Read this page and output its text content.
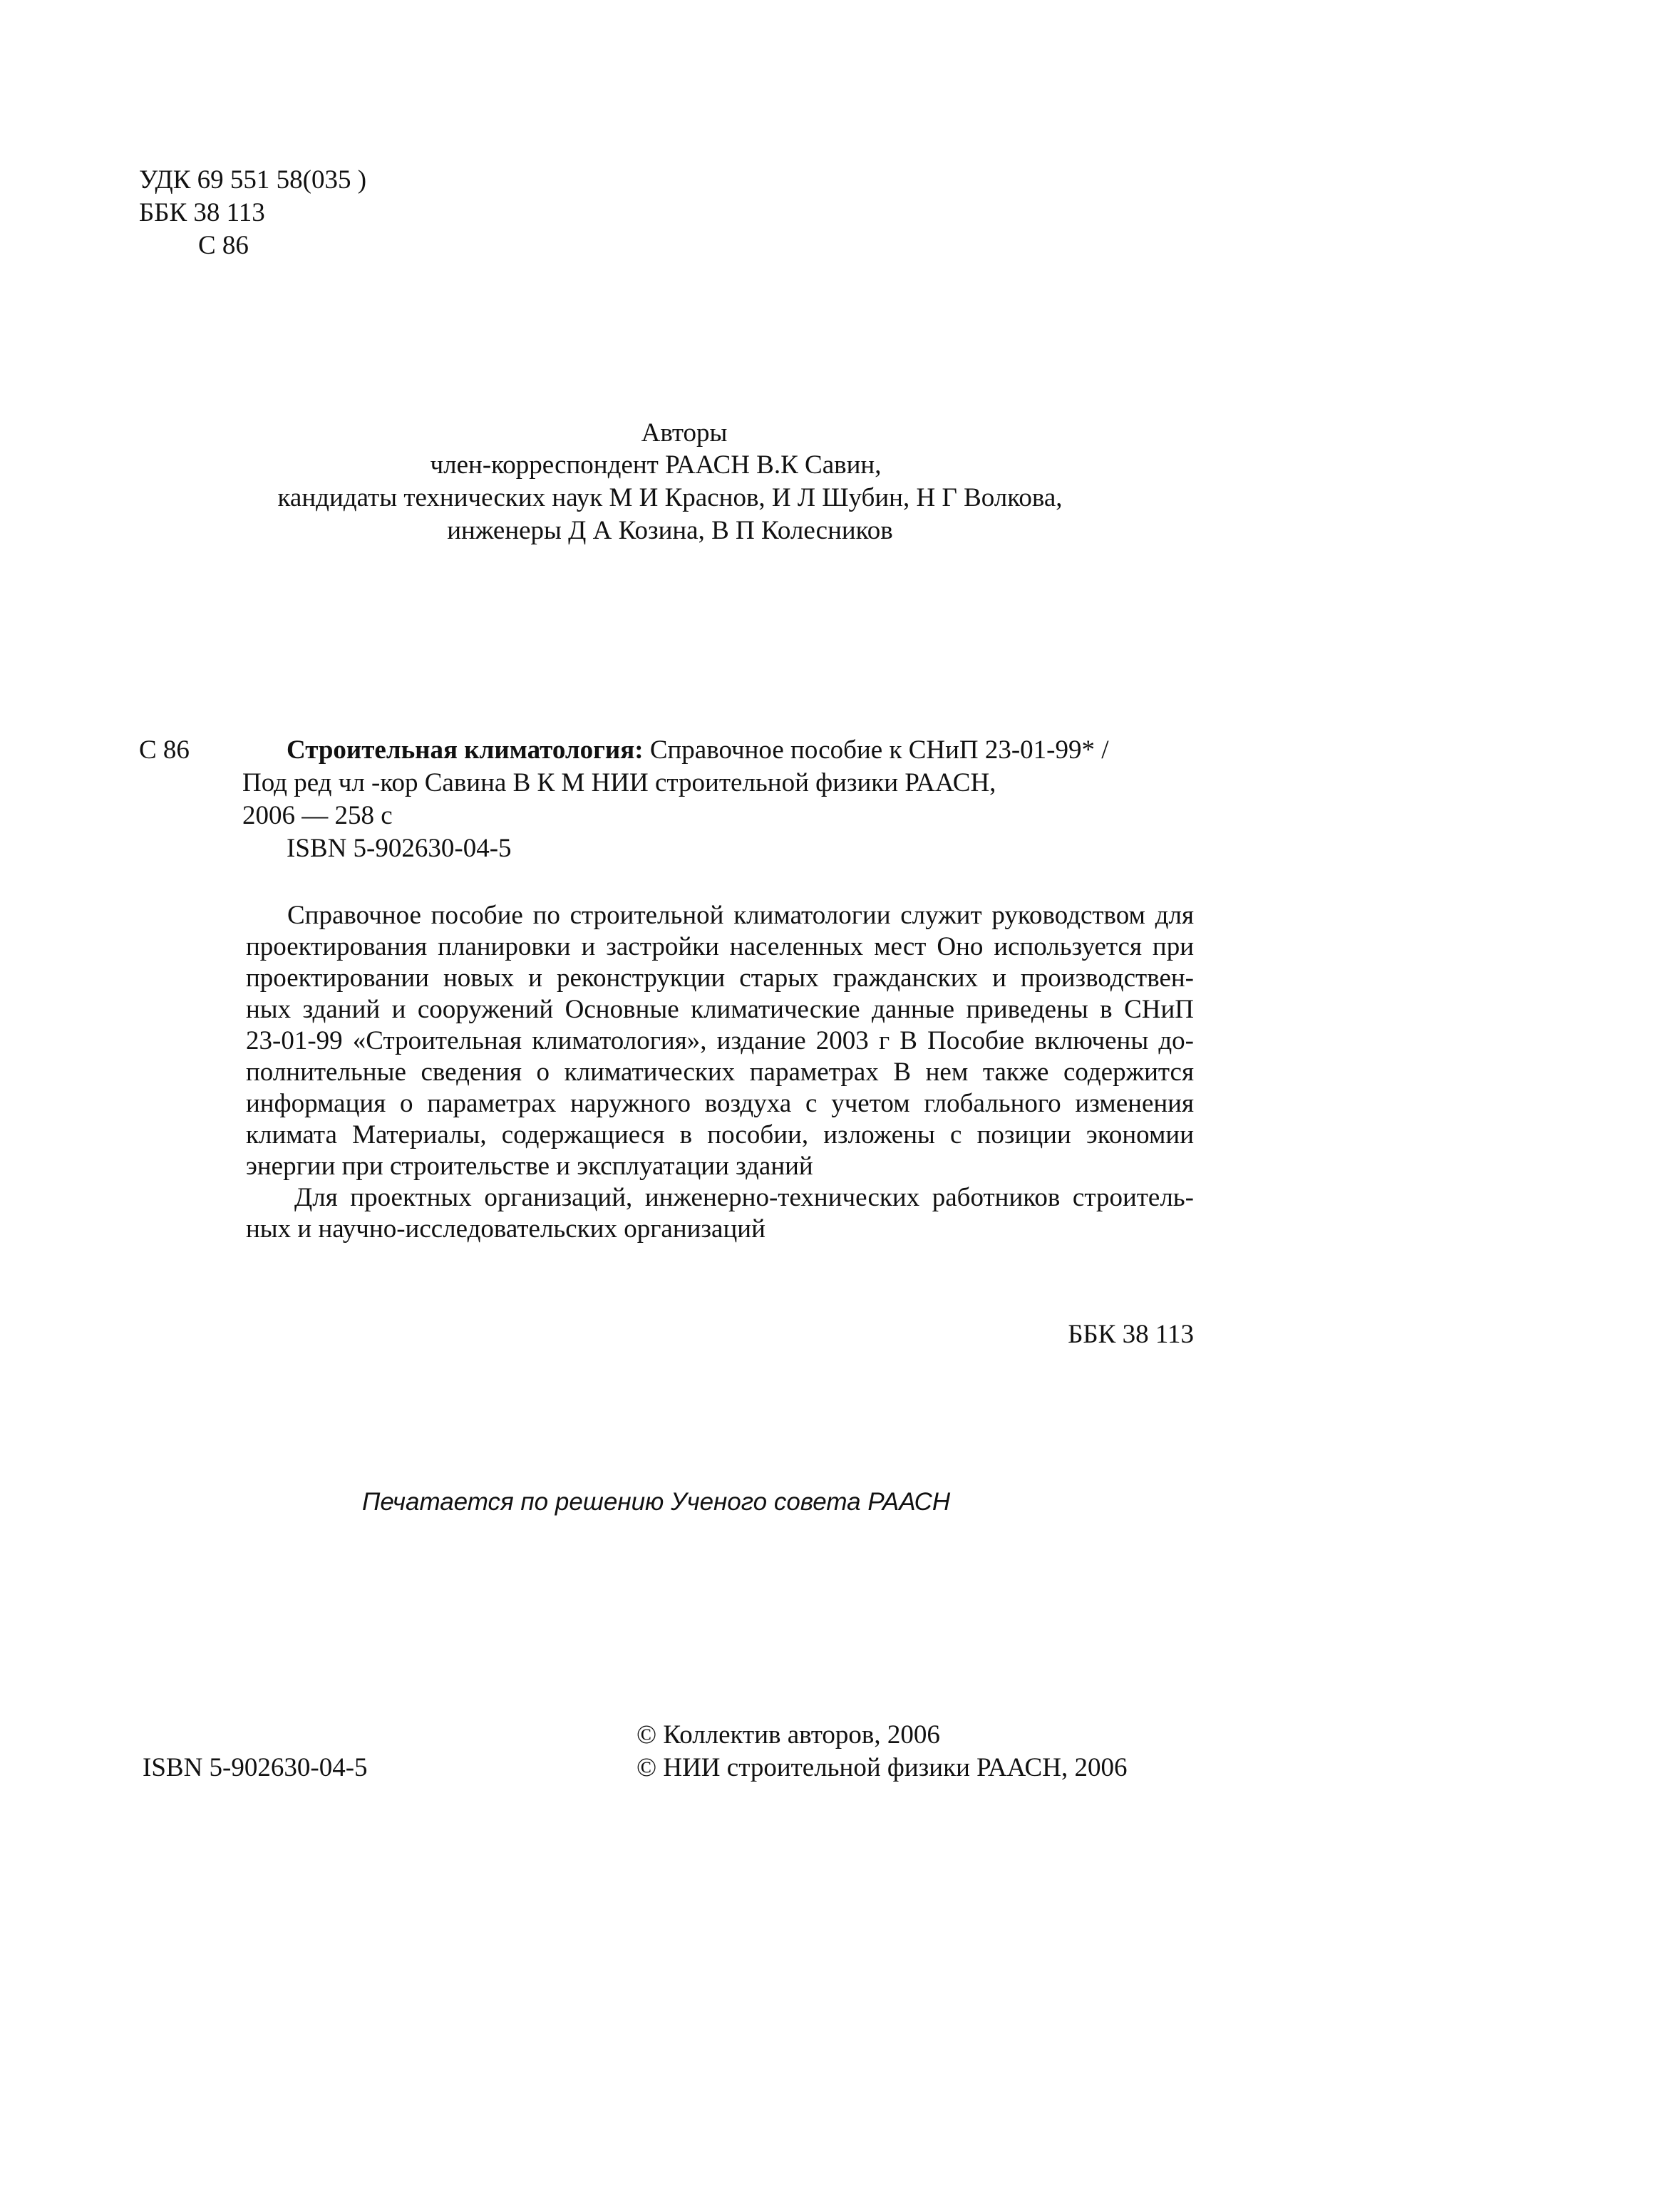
УДК 69 551 58(035 )
ББК 38 113
С 86
Авторы
член-корреспондент РААСН В.К Савин,
кандидаты технических наук М И Краснов, И Л Шубин, Н Г Волкова,
инженеры Д А Козина, В П Колесников
С 86	Строительная климатология: Справочное пособие к СНиП 23-01-99* /
Под ред чл -кор Савина В К М НИИ строительной физики РААСН,
2006 — 258 с
ISBN 5-902630-04-5
Справочное пособие по строительной климатологии служит руководством для
проектирования планировки и застройки населенных мест Оно используется при
проектировании новых и реконструкции старых гражданских и производствен-
ных зданий и сооружений Основные климатические данные приведены в СНиП
23-01-99 «Строительная климатология», издание 2003 г В Пособие включены до-
полнительные сведения о климатических параметрах В нем также содержится
информация о параметрах наружного воздуха с учетом глобального изменения
климата Материалы, содержащиеся в пособии, изложены с позиции экономии
энергии при строительстве и эксплуатации зданий
Для проектных организаций, инженерно-технических работников строитель-
ных и научно-исследовательских организаций
ББК 38 113
Печатается по решению Ученого совета РААСН
© Коллектив авторов, 2006
ISBN 5-902630-04-5	© НИИ строительной физики РААСН, 2006
